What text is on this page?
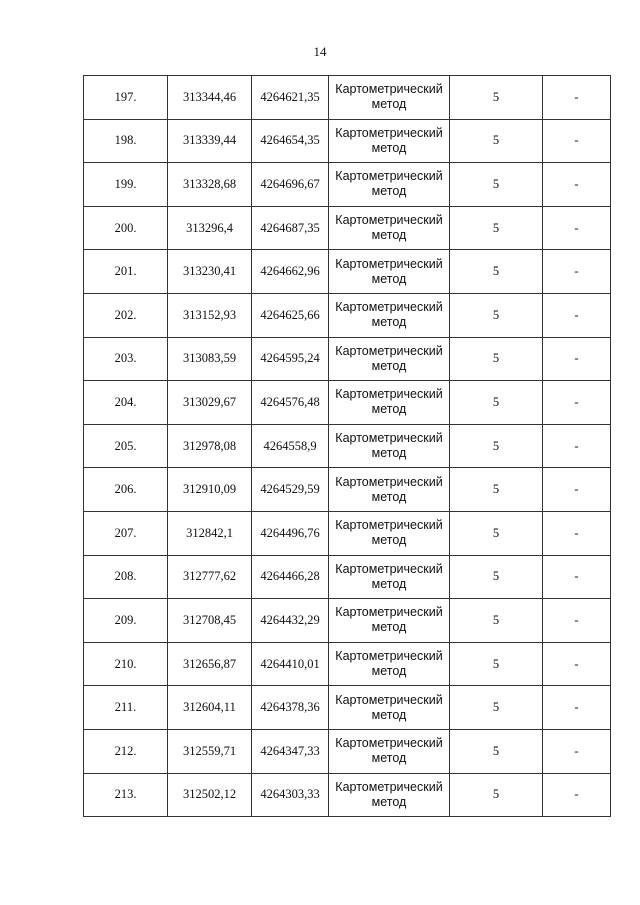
14
197.	313344,46	4264621,35	Картометрический
метод	5	-
198.	313339,44	4264654,35	Картометрический
метод	5	-
199.	313328,68	4264696,67	Картометрический
метод	5	-
200.	313296,4	4264687,35	Картометрический
метод	5	-
201.	313230,41	4264662,96	Картометрический
метод	5	-
202.	313152,93	4264625,66	Картометрический
метод	5	-
203.	313083,59	4264595,24	Картометрический
метод	5	-
204.	313029,67	4264576,48	Картометрический
метод	5	-
205.	312978,08	4264558,9	Картометрический
метод	5	-
206.	312910,09	4264529,59	Картометрический
метод	5	-
207.	312842,1	4264496,76	Картометрический
метод	5	-
208.	312777,62	4264466,28	Картометрический
метод	5	-
209.	312708,45	4264432,29	Картометрический
метод	5	-
210.	312656,87	4264410,01	Картометрический
метод	5	-
211.	312604,11	4264378,36	Картометрический
метод	5	-
212.	312559,71	4264347,33	Картометрический
метод	5	-
213.	312502,12	4264303,33	Картометрический
метод	5	-
